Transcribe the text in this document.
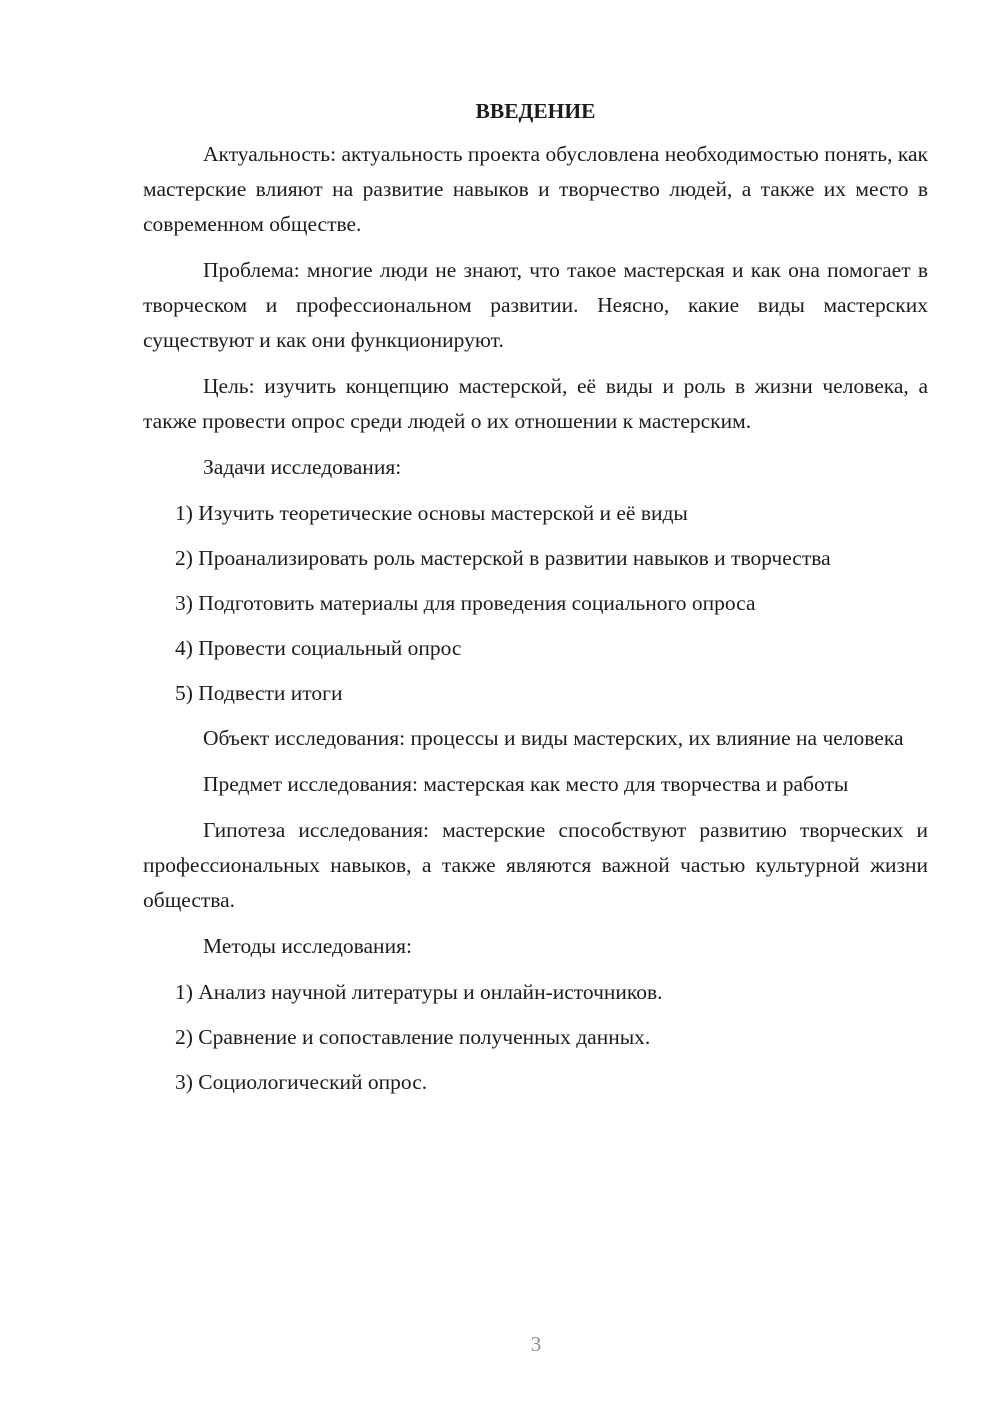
ВВЕДЕНИЕ

Актуальность: актуальность проекта обусловлена необходимостью понять, как мастерские влияют на развитие навыков и творчество людей, а также их место в современном обществе.

Проблема: многие люди не знают, что такое мастерская и как она помогает в творческом и профессиональном развитии. Неясно, какие виды мастерских существуют и как они функционируют.

Цель: изучить концепцию мастерской, её виды и роль в жизни человека, а также провести опрос среди людей о их отношении к мастерским.

Задачи исследования:

1) Изучить теоретические основы мастерской и её виды

2) Проанализировать роль мастерской в развитии навыков и творчества

3) Подготовить материалы для проведения социального опроса

4) Провести социальный опрос

5) Подвести итоги

Объект исследования: процессы и виды мастерских, их влияние на человека

Предмет исследования: мастерская как место для творчества и работы

Гипотеза исследования: мастерские способствуют развитию творческих и профессиональных навыков, а также являются важной частью культурной жизни общества.

Методы исследования:

1) Анализ научной литературы и онлайн-источников.

2) Сравнение и сопоставление полученных данных.

3) Социологический опрос.

3
